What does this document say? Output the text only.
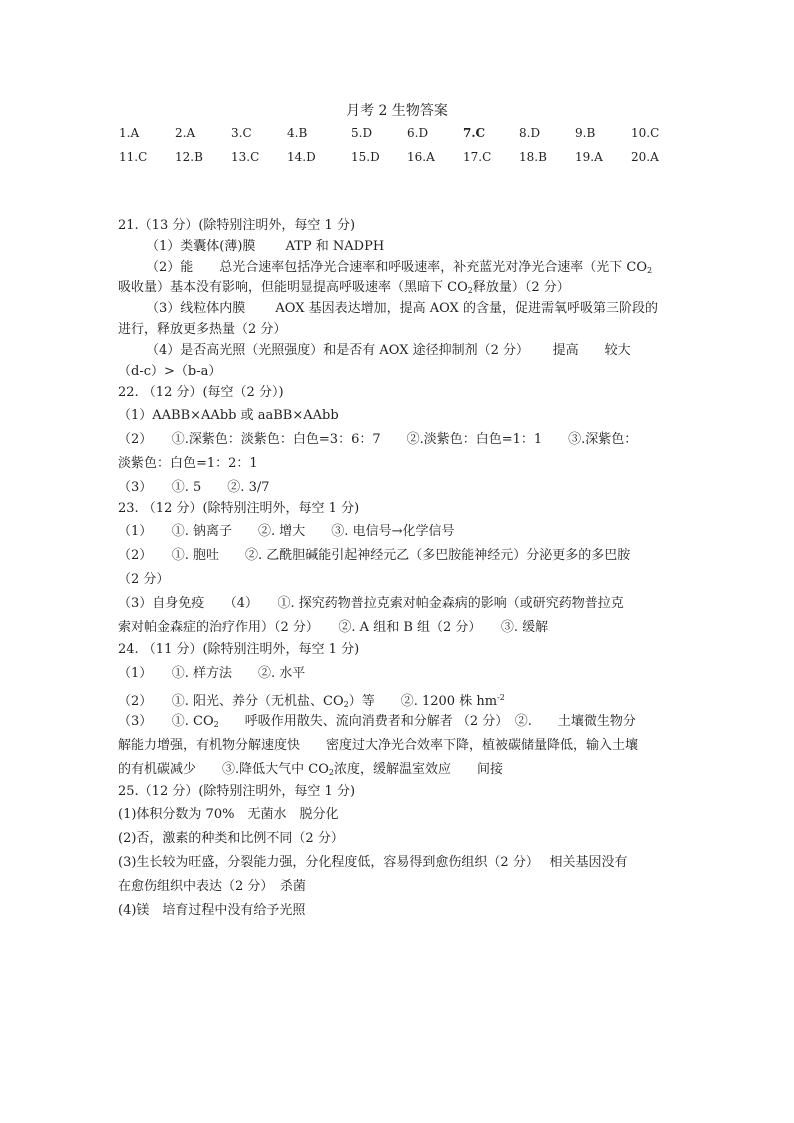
月考 2 生物答案
1.A	2.A	3.C	4.B	5.D	6.D	7.C	8.D	9.B	10.C
11.C 12.B 13.C 14.D	15.D 16.A 17.C 18.B 19.A 20.A
21.（13 分）(除特别注明外，每空 1 分)
（1）类囊体(薄)膜　　 ATP 和 NADPH
（2）能　　总光合速率包括净光合速率和呼吸速率，补充蓝光对净光合速率（光下 $CO_2$
吸收量）基本没有影响，但能明显提高呼吸速率（黑暗下 $CO_2$释放量）（2 分）
（3）线粒体内膜　　 AOX 基因表达增加，提高 AOX 的含量，促进需氧呼吸第三阶段的
进行，释放更多热量（2 分）
（4）是否高光照（光照强度）和是否有 AOX 途径抑制剂（2 分）　　 提高　　较大
（d-c）>（b-a）
22. （12 分）(每空（2 分）)
（1）AABB×AAbb 或 aaBB×AAbb
（2）　　①.深紫色：淡紫色：白色=3：6：7　　②.淡紫色：白色=1：1　　③.深紫色：
淡紫色：白色=1：2：1
（3）　　①. 5　　②. 3/7
23. （12 分）(除特别注明外，每空 1 分)
（1）　　①. 钠离子　　②. 增大　　③. 电信号→化学信号
（2）　　①. 胞吐　　②. 乙酰胆碱能引起神经元乙（多巴胺能神经元）分泌更多的多巴胺
（2 分）
（3）自身免疫　　（4）　　①. 探究药物普拉克索对帕金森病的影响（或研究药物普拉克
索对帕金森症的治疗作用）（2 分）　　②. A 组和 B 组（2 分）　　③. 缓解
24. （11 分）(除特别注明外，每空 1 分)
（1）　　①. 样方法　　②. 水平
（2）　　①. 阳光、养分（无机盐、$CO_2$）等　　②. 1200 株 $hm^{-2}$
（3）　　①. $CO_2$　　呼吸作用散失、流向消费者和分解者 （2 分）　②.　　土壤微生物分
解能力增强，有机物分解速度快　　密度过大净光合效率下降，植被碳储量降低，输入土壤
的有机碳减少　　③.降低大气中 $CO_2$浓度，缓解温室效应　　间接
25.（12 分）(除特别注明外，每空 1 分)
(1)体积分数为 70%　无菌水　脱分化
(2)否，激素的种类和比例不同（2 分）
(3)生长较为旺盛，分裂能力强，分化程度低，容易得到愈伤组织（2 分）　 相关基因没有
在愈伤组织中表达（2 分）　杀菌
(4)镁　培育过程中没有给予光照
